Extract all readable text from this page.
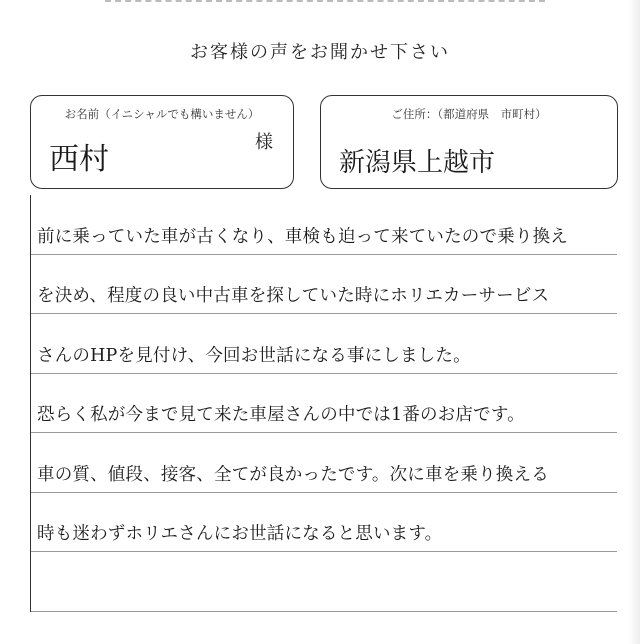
お客様の声をお聞かせ下さい
お名前（イニシャルでも構いません）
西村	様
ご住所：（都道府県　市町村）
新潟県上越市
前に乗っていた車が古くなり、車検も迫って来ていたので乗り換え
を決め、程度の良い中古車を探していた時にホリエカーサービス
さんのHPを見付け、今回お世話になる事にしました。
恐らく私が今まで見て来た車屋さんの中では1番のお店です。
車の質、値段、接客、全てが良かったです。次に車を乗り換える
時も迷わずホリエさんにお世話になると思います。
